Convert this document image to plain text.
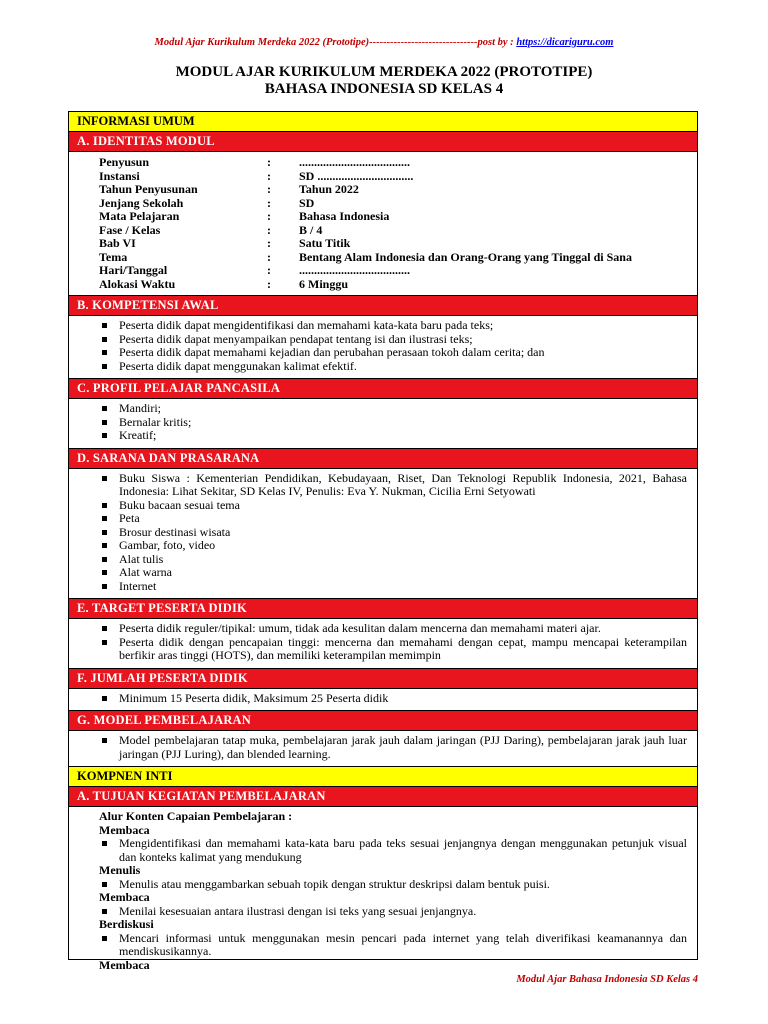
Modul Ajar Kurikulum Merdeka 2022 (Prototipe)-------------------------------post by : https://dicariguru.com
MODUL AJAR KURIKULUM MERDEKA 2022 (PROTOTIPE)
BAHASA INDONESIA SD KELAS 4
INFORMASI UMUM
A. IDENTITAS MODUL
Penyusun	:	.....................................
Instansi	:	SD ................................
Tahun Penyusunan	:	Tahun 2022
Jenjang Sekolah	:	SD
Mata Pelajaran	:	Bahasa Indonesia
Fase / Kelas	:	B / 4
Bab VI	:	Satu Titik
Tema	:	Bentang Alam Indonesia dan Orang-Orang yang Tinggal di Sana
Hari/Tanggal	:	.....................................
Alokasi Waktu	:	6 Minggu
B. KOMPETENSI AWAL
Peserta didik dapat mengidentifikasi dan memahami kata-kata baru pada teks;
Peserta didik dapat menyampaikan pendapat tentang isi dan ilustrasi teks;
Peserta didik dapat memahami kejadian dan perubahan perasaan tokoh dalam cerita; dan
Peserta didik dapat menggunakan kalimat efektif.
C. PROFIL PELAJAR PANCASILA
Mandiri;
Bernalar kritis;
Kreatif;
D. SARANA DAN PRASARANA
Buku Siswa : Kementerian Pendidikan, Kebudayaan, Riset, Dan Teknologi Republik Indonesia, 2021, Bahasa Indonesia: Lihat Sekitar, SD Kelas IV, Penulis: Eva Y. Nukman, Cicilia Erni Setyowati
Buku bacaan sesuai tema
Peta
Brosur destinasi wisata
Gambar, foto, video
Alat tulis
Alat warna
Internet
E. TARGET PESERTA DIDIK
Peserta didik reguler/tipikal: umum, tidak ada kesulitan dalam mencerna dan memahami materi ajar.
Peserta didik dengan pencapaian tinggi: mencerna dan memahami dengan cepat, mampu mencapai keterampilan berfikir aras tinggi (HOTS), dan memiliki keterampilan memimpin
F. JUMLAH PESERTA DIDIK
Minimum 15 Peserta didik, Maksimum 25 Peserta didik
G. MODEL PEMBELAJARAN
Model pembelajaran tatap muka, pembelajaran jarak jauh dalam jaringan (PJJ Daring), pembelajaran jarak jauh luar jaringan (PJJ Luring), dan blended learning.
KOMPNEN INTI
A. TUJUAN KEGIATAN PEMBELAJARAN
Alur Konten Capaian Pembelajaran :
Membaca
Mengidentifikasi dan memahami kata-kata baru pada teks sesuai jenjangnya dengan menggunakan petunjuk visual dan konteks kalimat yang mendukung
Menulis
Menulis atau menggambarkan sebuah topik dengan struktur deskripsi dalam bentuk puisi.
Membaca
Menilai kesesuaian antara ilustrasi dengan isi teks yang sesuai jenjangnya.
Berdiskusi
Mencari informasi untuk menggunakan mesin pencari pada internet yang telah diverifikasi keamanannya dan mendiskusikannya.
Membaca
Modul Ajar Bahasa Indonesia SD Kelas 4
